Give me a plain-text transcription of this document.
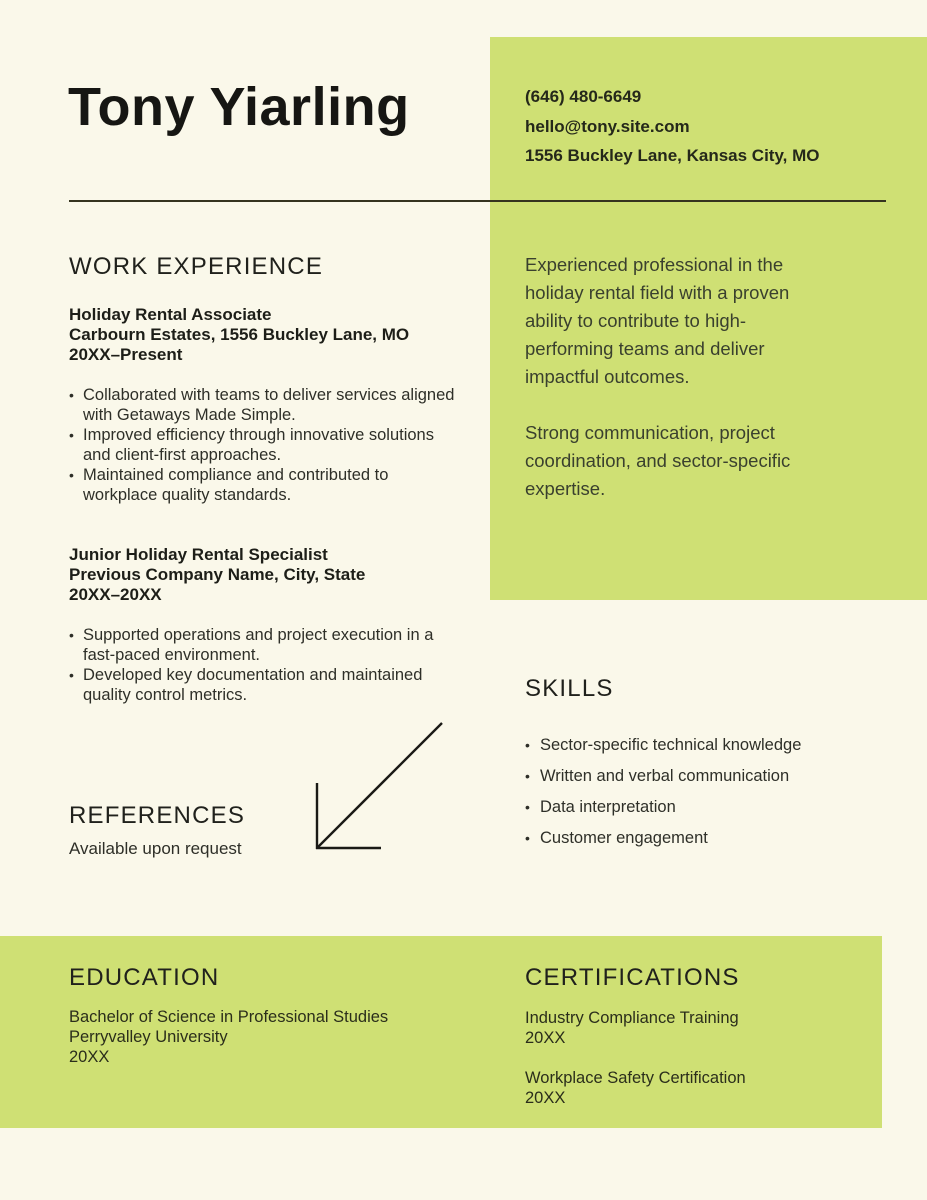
Tony Yiarling	(646) 480-6649
hello@tony.site.com
1556 Buckley Lane, Kansas City, MO
WORK EXPERIENCE
Holiday Rental Associate
Carbourn Estates, 1556 Buckley Lane, MO
20XX–Present
• Collaborated with teams to deliver services aligned with Getaways Made Simple.
• Improved efficiency through innovative solutions and client-first approaches.
• Maintained compliance and contributed to workplace quality standards.
Junior Holiday Rental Specialist
Previous Company Name, City, State
20XX–20XX
• Supported operations and project execution in a fast-paced environment.
• Developed key documentation and maintained quality control metrics.
REFERENCES
Available upon request

Experienced professional in the holiday rental field with a proven ability to contribute to high-performing teams and deliver impactful outcomes.

Strong communication, project coordination, and sector-specific expertise.

SKILLS
• Sector-specific technical knowledge
• Written and verbal communication
• Data interpretation
• Customer engagement
EDUCATION
Bachelor of Science in Professional Studies
Perryvalley University
20XX
CERTIFICATIONS
Industry Compliance Training
20XX
Workplace Safety Certification
20XX
